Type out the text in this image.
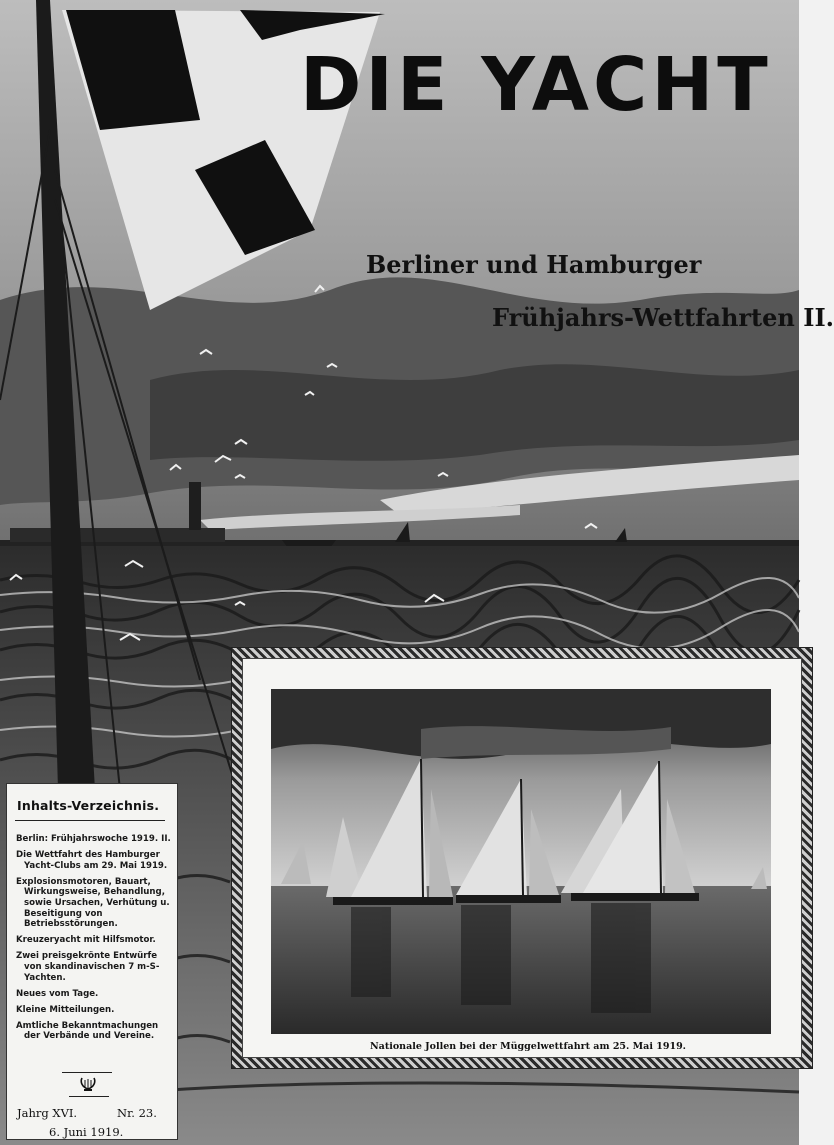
DIE YACHT
Berliner und Hamburger
Frühjahrs-Wettfahrten II.
Nationale Jollen bei der Müggelwettfahrt am 25. Mai 1919.
Inhalts-Verzeichnis.
Berlin: Frühjahrswoche 1919. II.
Die Wettfahrt des Hamburger Yacht-Clubs am 29. Mai 1919.
Explosionsmotoren, Bauart, Wirkungsweise, Behandlung, sowie Ursachen, Verhütung u. Beseitigung von Betriebsstörungen.
Kreuzeryacht mit Hilfsmotor.
Zwei preisgekrönte Entwürfe von skandinavischen 7 m-S-Yachten.
Neues vom Tage.
Kleine Mitteilungen.
Amtliche Bekanntmachungen der Verbände und Vereine.
Jahrg XVI.	Nr. 23.
6. Juni 1919.
